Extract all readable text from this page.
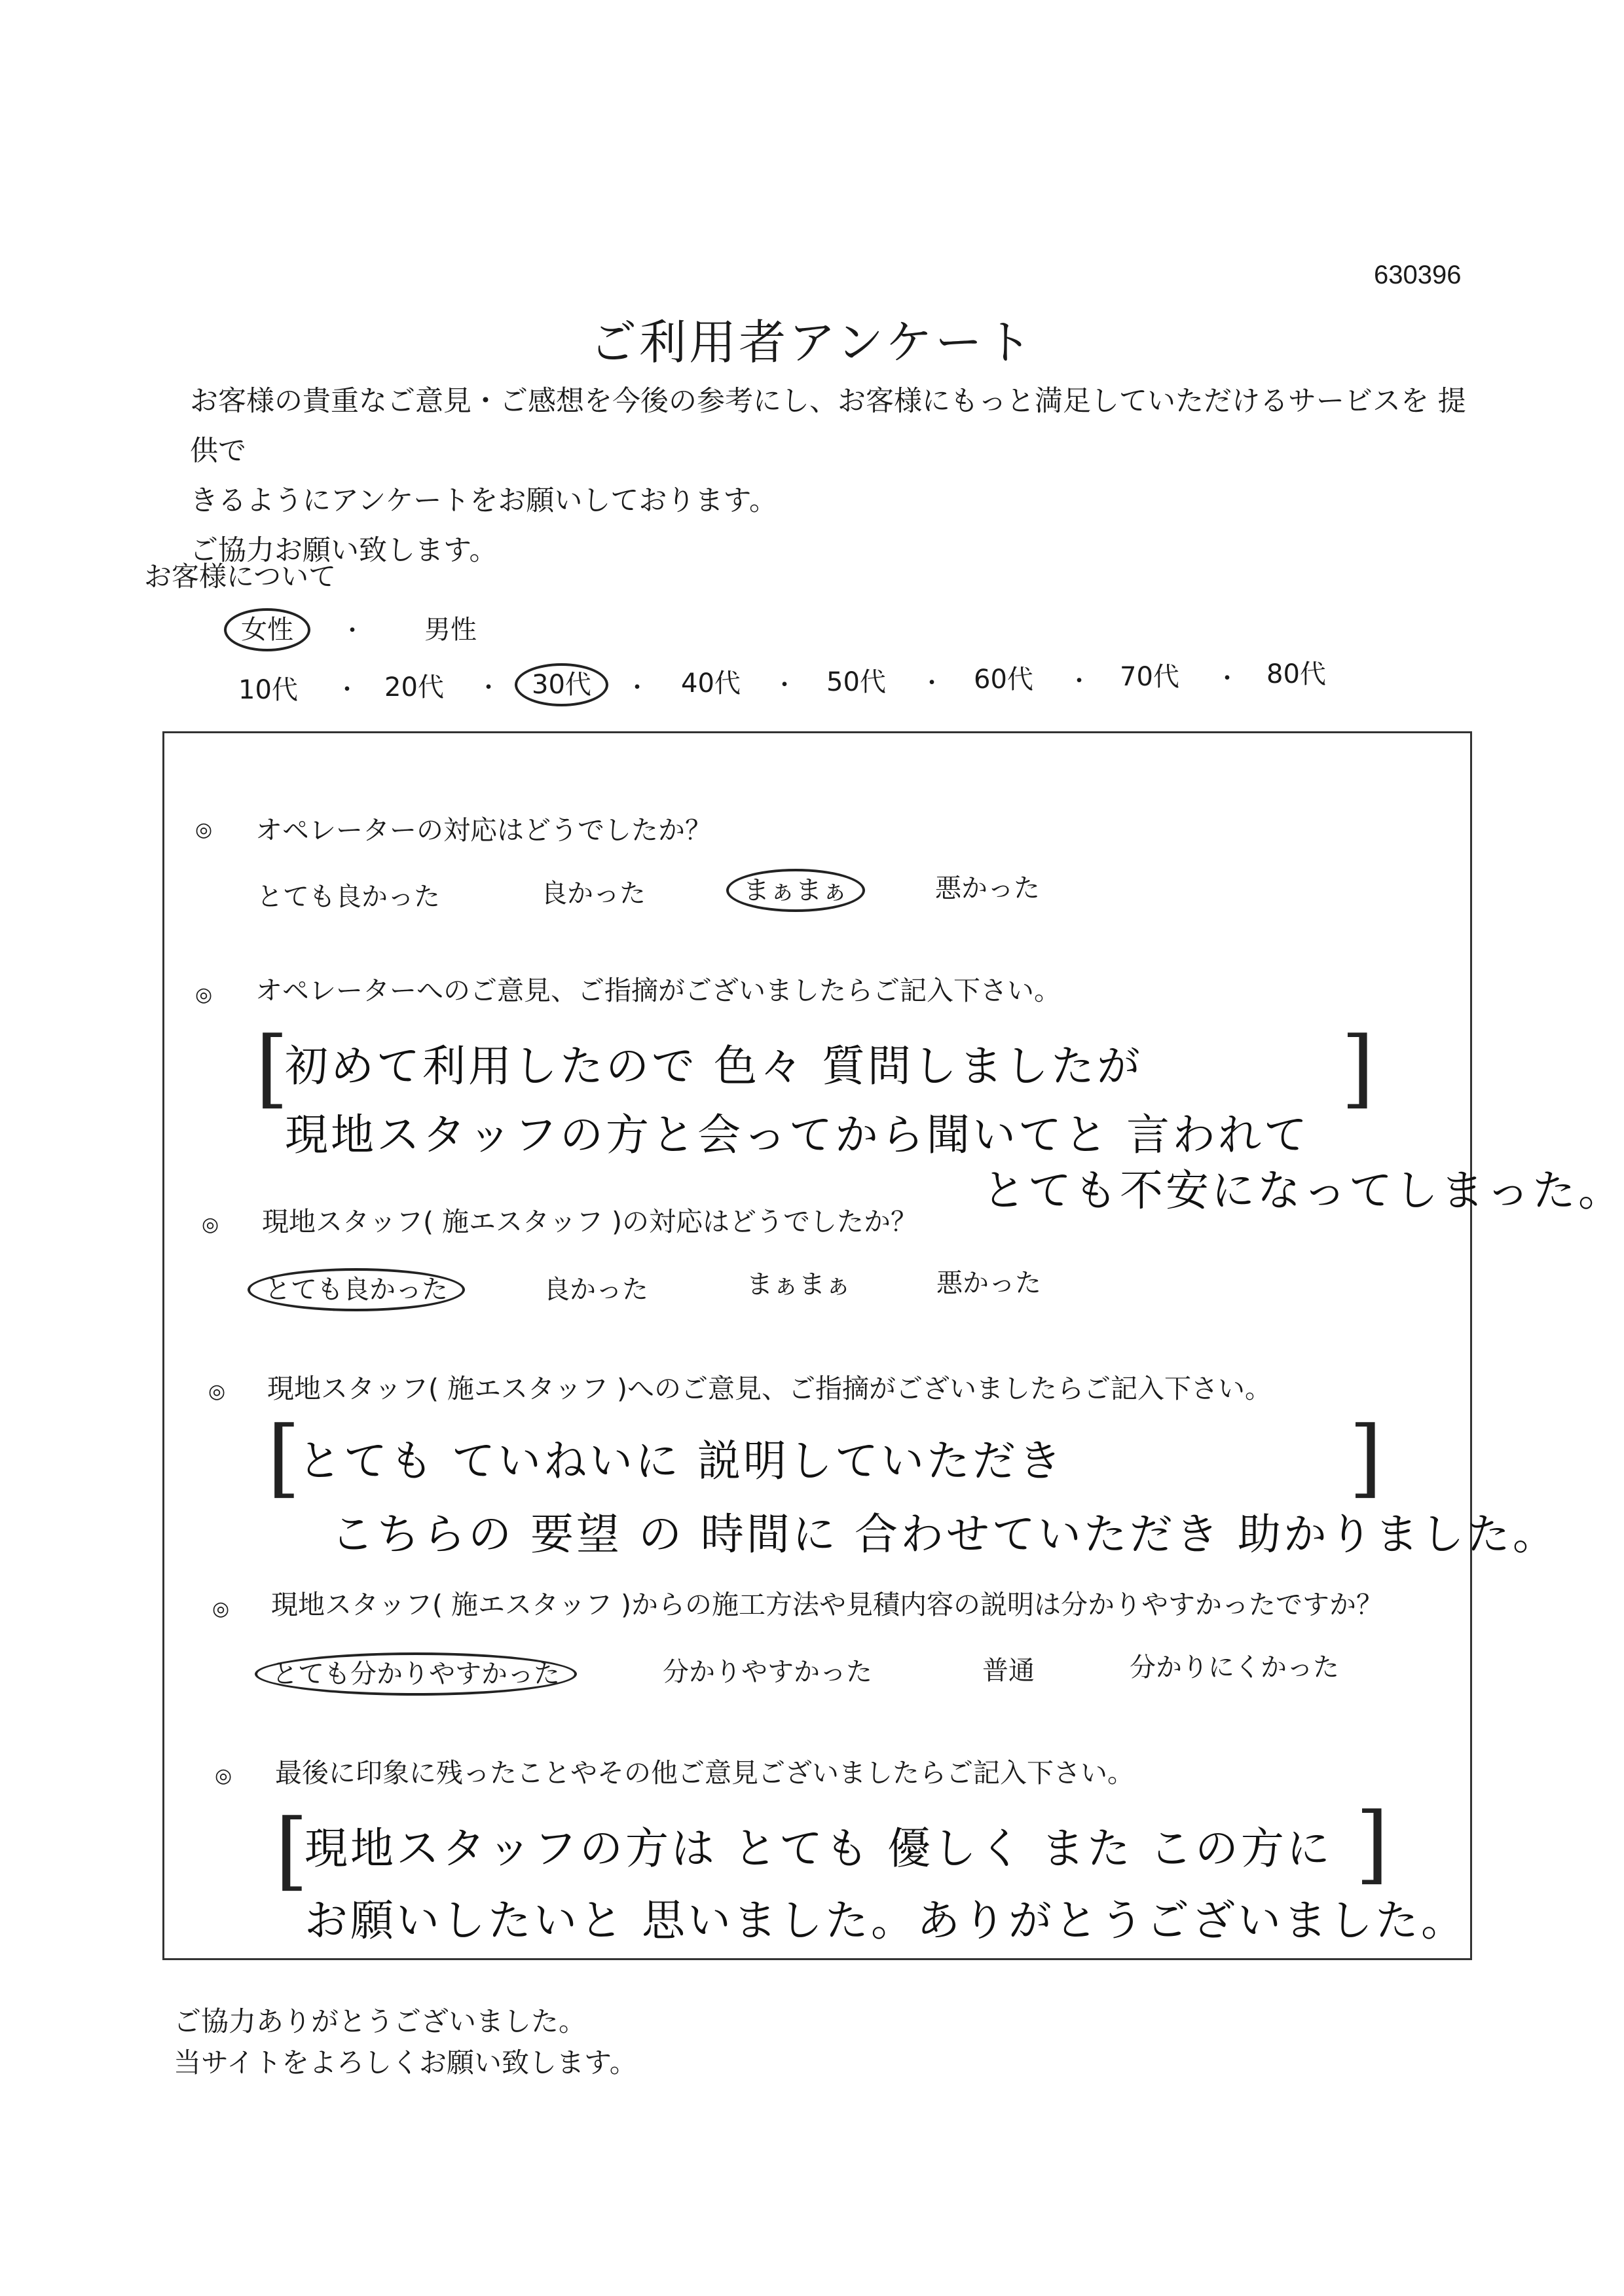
630396
ご利用者アンケート
お客様の貴重なご意見・ご感想を今後の参考にし、お客様にもっと満足していただけるサービスを 提供で
きるようにアンケートをお願いしております。
ご協力お願い致します。
お客様について
女性 ・ 男性
10代 ・ 20代 ・ 30代 ・ 40代 ・ 50代 ・ 60代 ・ 70代 ・ 80代
◎ オペレーターの対応はどうでしたか？
とても良かった	良かった	まぁまぁ	悪かった
◎ オペレーターへのご意見、ご指摘がございましたらご記入下さい。
[	]
初めて利用したので 色々 質問しましたが
現地スタッフの方と会ってから聞いてと 言われて
とても不安になってしまった。
◎ 現地スタッフ( 施エスタッフ )の対応はどうでしたか？
とても良かった	良かった	まぁまぁ	悪かった
◎ 現地スタッフ( 施エスタッフ )へのご意見、ご指摘がございましたらご記入下さい。
[	]
とても ていねいに 説明していただき
こちらの 要望 の 時間に 合わせていただき 助かりました。
◎ 現地スタッフ( 施エスタッフ )からの施工方法や見積内容の説明は分かりやすかったですか？
とても分かりやすかった	分かりやすかった	普通	分かりにくかった
◎ 最後に印象に残ったことやその他ご意見ございましたらご記入下さい。
[	]
現地スタッフの方は とても 優しく また この方に
お願いしたいと 思いました。ありがとうございました。
ご協力ありがとうございました。
当サイトをよろしくお願い致します。
